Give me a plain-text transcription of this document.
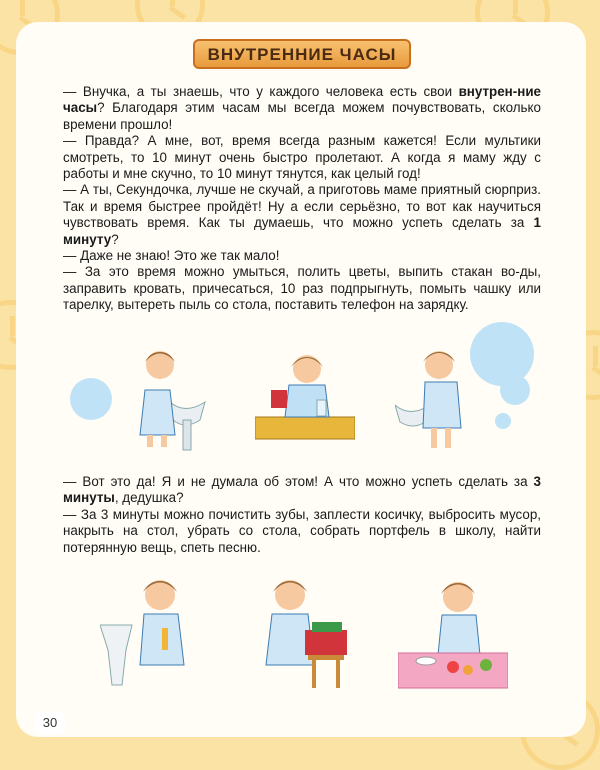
ВНУТРЕННИЕ ЧАСЫ

— Внучка, а ты знаешь, что у каждого человека есть свои внутрен-ние часы? Благодаря этим часам мы всегда можем почувствовать, сколько времени прошло!

— Правда? А мне, вот, время всегда разным кажется! Если мультики смотреть, то 10 минут очень быстро пролетают. А когда я маму жду с работы и мне скучно, то 10 минут тянутся, как целый год!

— А ты, Секундочка, лучше не скучай, а приготовь маме приятный сюрприз. Так и время быстрее пройдёт! Ну а если серьёзно, то вот как научиться чувствовать время. Как ты думаешь, что можно успеть сделать за 1 минуту?

— Даже не знаю! Это же так мало!

— За это время можно умыться, полить цветы, выпить стакан во-ды, заправить кровать, причесаться, 10 раз подпрыгнуть, помыть чашку или тарелку, вытереть пыль со стола, поставить телефон на зарядку.

— Вот это да! Я и не думала об этом! А что можно успеть сделать за 3 минуты, дедушка?

— За 3 минуты можно почистить зубы, заплести косичку, выбросить мусор, накрыть на стол, убрать со стола, собрать портфель в школу, найти потерянную вещь, спеть песню.

30
